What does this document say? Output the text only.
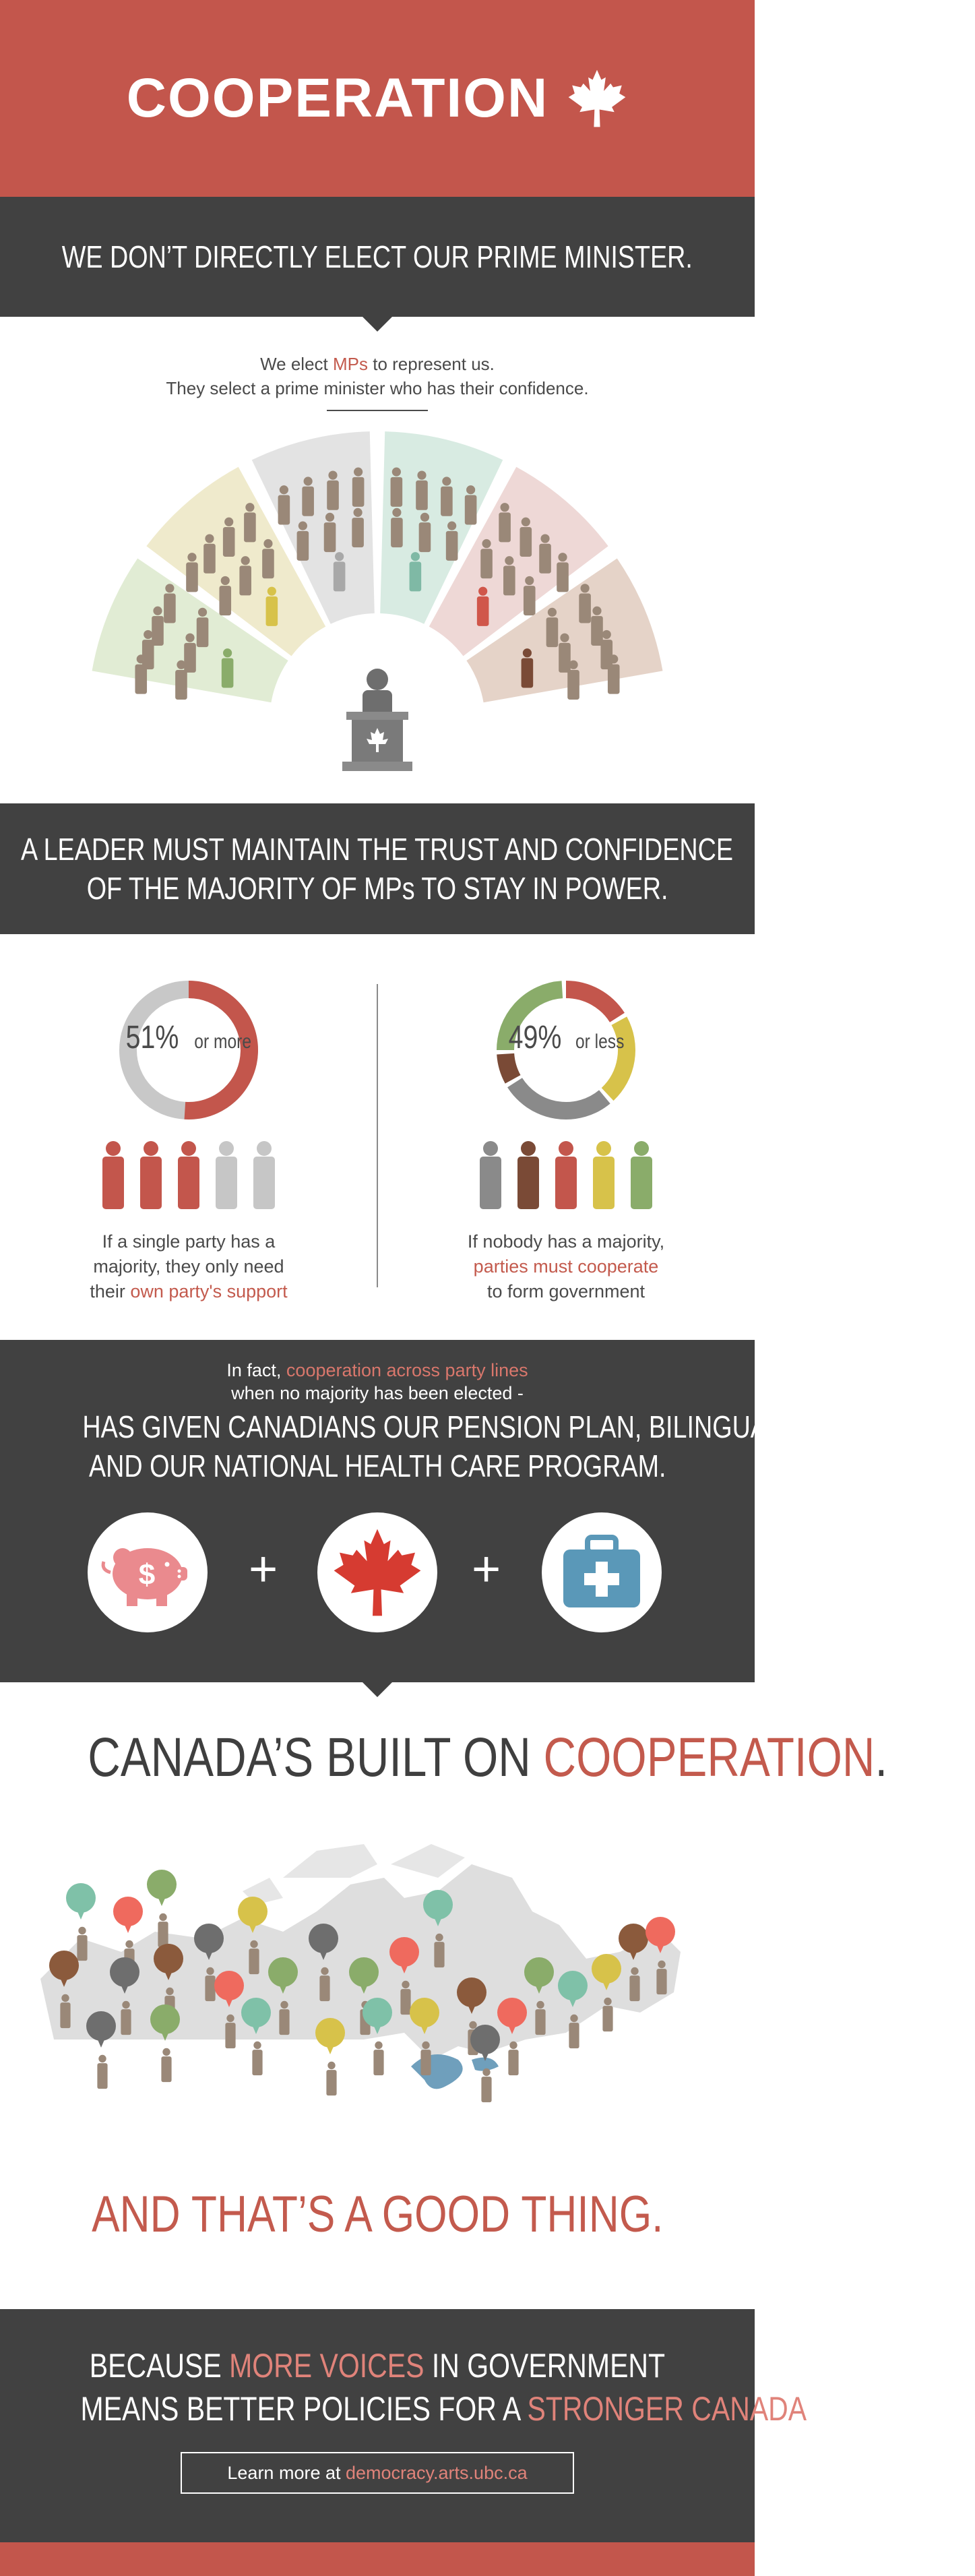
COOPERATION
WE DON’T DIRECTLY ELECT OUR PRIME MINISTER.
We elect MPs to represent us.
They select a prime minister who has their confidence.
A LEADER MUST MAINTAIN THE TRUST AND CONFIDENCE
OF THE MAJORITY OF MPs TO STAY IN POWER.
51% or more
If a single party has a
majority, they only need
their own party's support
49% or less
If nobody has a majority,
parties must cooperate
to form government
In fact, cooperation across party lines
when no majority has been elected -
HAS GIVEN CANADIANS OUR PENSION PLAN, BILINGUALISM,
AND OUR NATIONAL HEALTH CARE PROGRAM.
$ +	+
CANADA’S BUILT ON COOPERATION.
AND THAT’S A GOOD THING.
BECAUSE MORE VOICES IN GOVERNMENT
MEANS BETTER POLICIES FOR A STRONGER CANADA.
Learn more at
democracy.arts.ubc.ca
